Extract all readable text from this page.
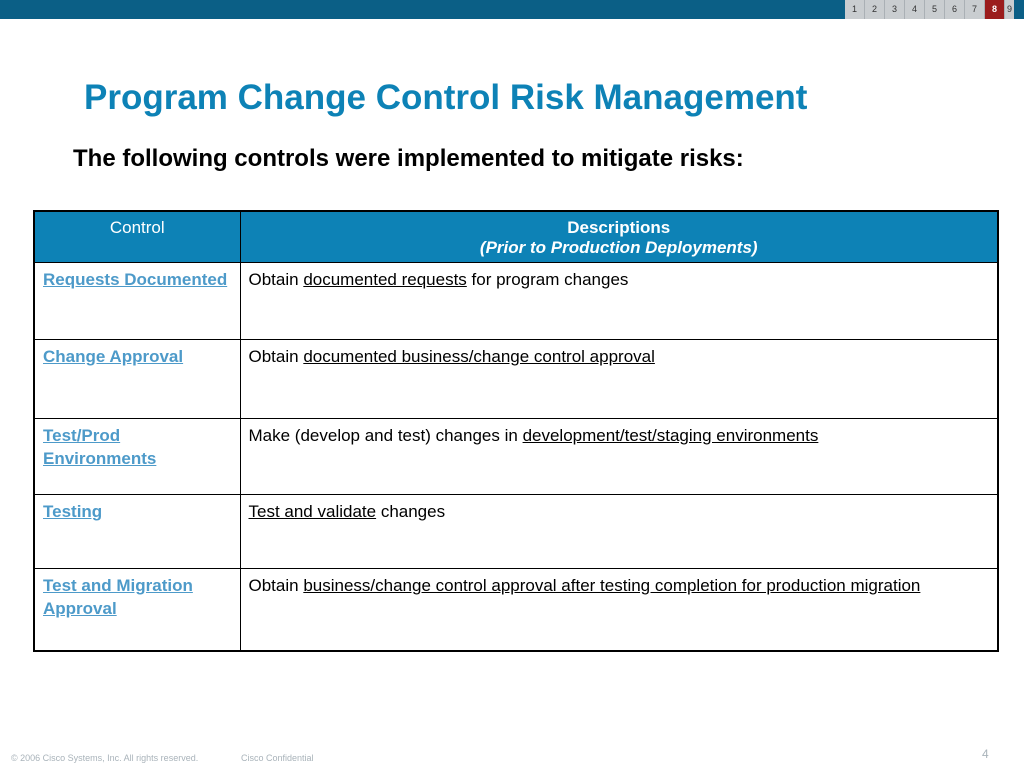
1	2	3	4	5	6	7	8	9
Program Change Control Risk Management
The following controls were implemented to mitigate risks:
Control	Descriptions
(Prior to Production Deployments)

Requests Documented	Obtain documented requests for program changes
Change Approval	Obtain documented business/change control approval
Test/Prod Environments	Make (develop and test) changes in development/test/staging environments
Testing	Test and validate changes
Test and Migration Approval	Obtain business/change control approval after testing completion for production migration
© 2006 Cisco Systems, Inc. All rights reserved.	Cisco Confidential	4
